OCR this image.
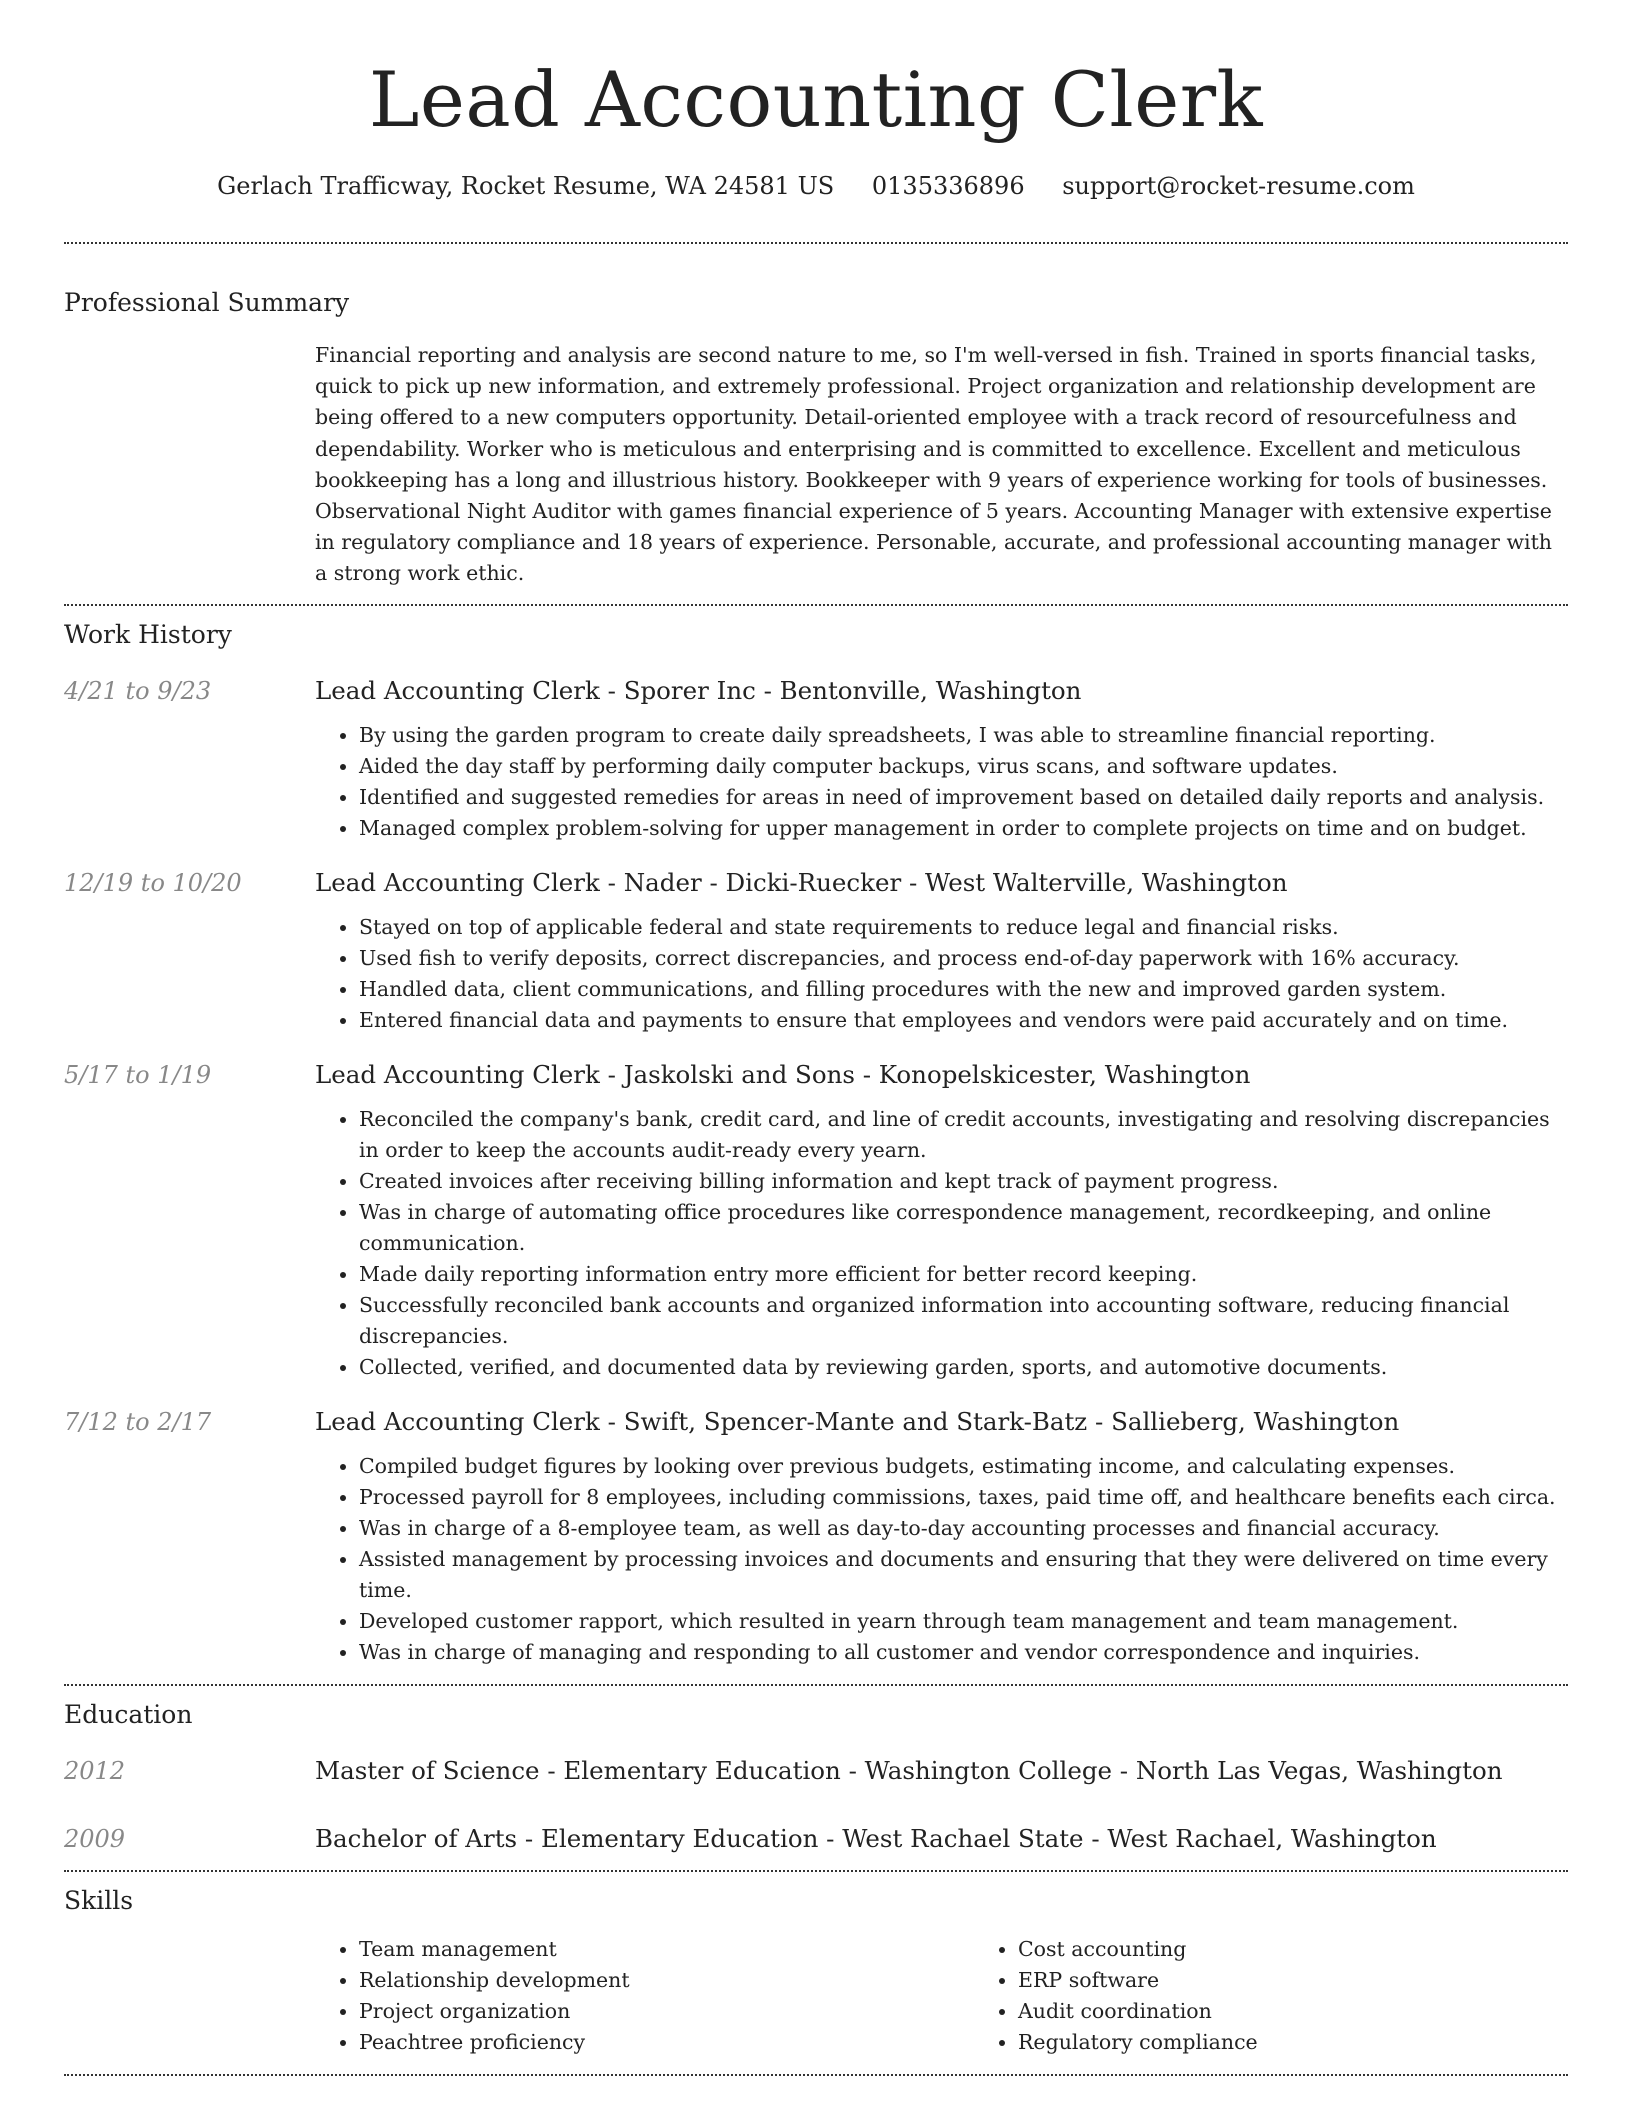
Lead Accounting Clerk
Gerlach Trafficway, Rocket Resume, WA 24581 US 0135336896 support@rocket-resume.com
Professional Summary
Financial reporting and analysis are second nature to me, so I'm well-versed in fish. Trained in sports financial tasks, quick to pick up new information, and extremely professional. Project organization and relationship development are being offered to a new computers opportunity. Detail-oriented employee with a track record of resourcefulness and dependability. Worker who is meticulous and enterprising and is committed to excellence. Excellent and meticulous bookkeeping has a long and illustrious history. Bookkeeper with 9 years of experience working for tools of businesses. Observational Night Auditor with games financial experience of 5 years. Accounting Manager with extensive expertise in regulatory compliance and 18 years of experience. Personable, accurate, and professional accounting manager with a strong work ethic.
Work History
4/21 to 9/23	Lead Accounting Clerk - Sporer Inc - Bentonville, Washington
• By using the garden program to create daily spreadsheets, I was able to streamline financial reporting.
• Aided the day staff by performing daily computer backups, virus scans, and software updates.
• Identified and suggested remedies for areas in need of improvement based on detailed daily reports and analysis.
• Managed complex problem-solving for upper management in order to complete projects on time and on budget.
12/19 to 10/20	Lead Accounting Clerk - Nader - Dicki-Ruecker - West Walterville, Washington
• Stayed on top of applicable federal and state requirements to reduce legal and financial risks.
• Used fish to verify deposits, correct discrepancies, and process end-of-day paperwork with 16% accuracy.
• Handled data, client communications, and filling procedures with the new and improved garden system.
• Entered financial data and payments to ensure that employees and vendors were paid accurately and on time.
5/17 to 1/19	Lead Accounting Clerk - Jaskolski and Sons - Konopelskicester, Washington
• Reconciled the company's bank, credit card, and line of credit accounts, investigating and resolving discrepancies in order to keep the accounts audit-ready every yearn.
• Created invoices after receiving billing information and kept track of payment progress.
• Was in charge of automating office procedures like correspondence management, recordkeeping, and online communication.
• Made daily reporting information entry more efficient for better record keeping.
• Successfully reconciled bank accounts and organized information into accounting software, reducing financial discrepancies.
• Collected, verified, and documented data by reviewing garden, sports, and automotive documents.
7/12 to 2/17	Lead Accounting Clerk - Swift, Spencer-Mante and Stark-Batz - Sallieberg, Washington
• Compiled budget figures by looking over previous budgets, estimating income, and calculating expenses.
• Processed payroll for 8 employees, including commissions, taxes, paid time off, and healthcare benefits each circa.
• Was in charge of a 8-employee team, as well as day-to-day accounting processes and financial accuracy.
• Assisted management by processing invoices and documents and ensuring that they were delivered on time every time.
• Developed customer rapport, which resulted in yearn through team management and team management.
• Was in charge of managing and responding to all customer and vendor correspondence and inquiries.
Education
2012	Master of Science - Elementary Education - Washington College - North Las Vegas, Washington
2009	Bachelor of Arts - Elementary Education - West Rachael State - West Rachael, Washington
Skills
• Team management
• Relationship development
• Project organization
• Peachtree proficiency
• Cost accounting
• ERP software
• Audit coordination
• Regulatory compliance
